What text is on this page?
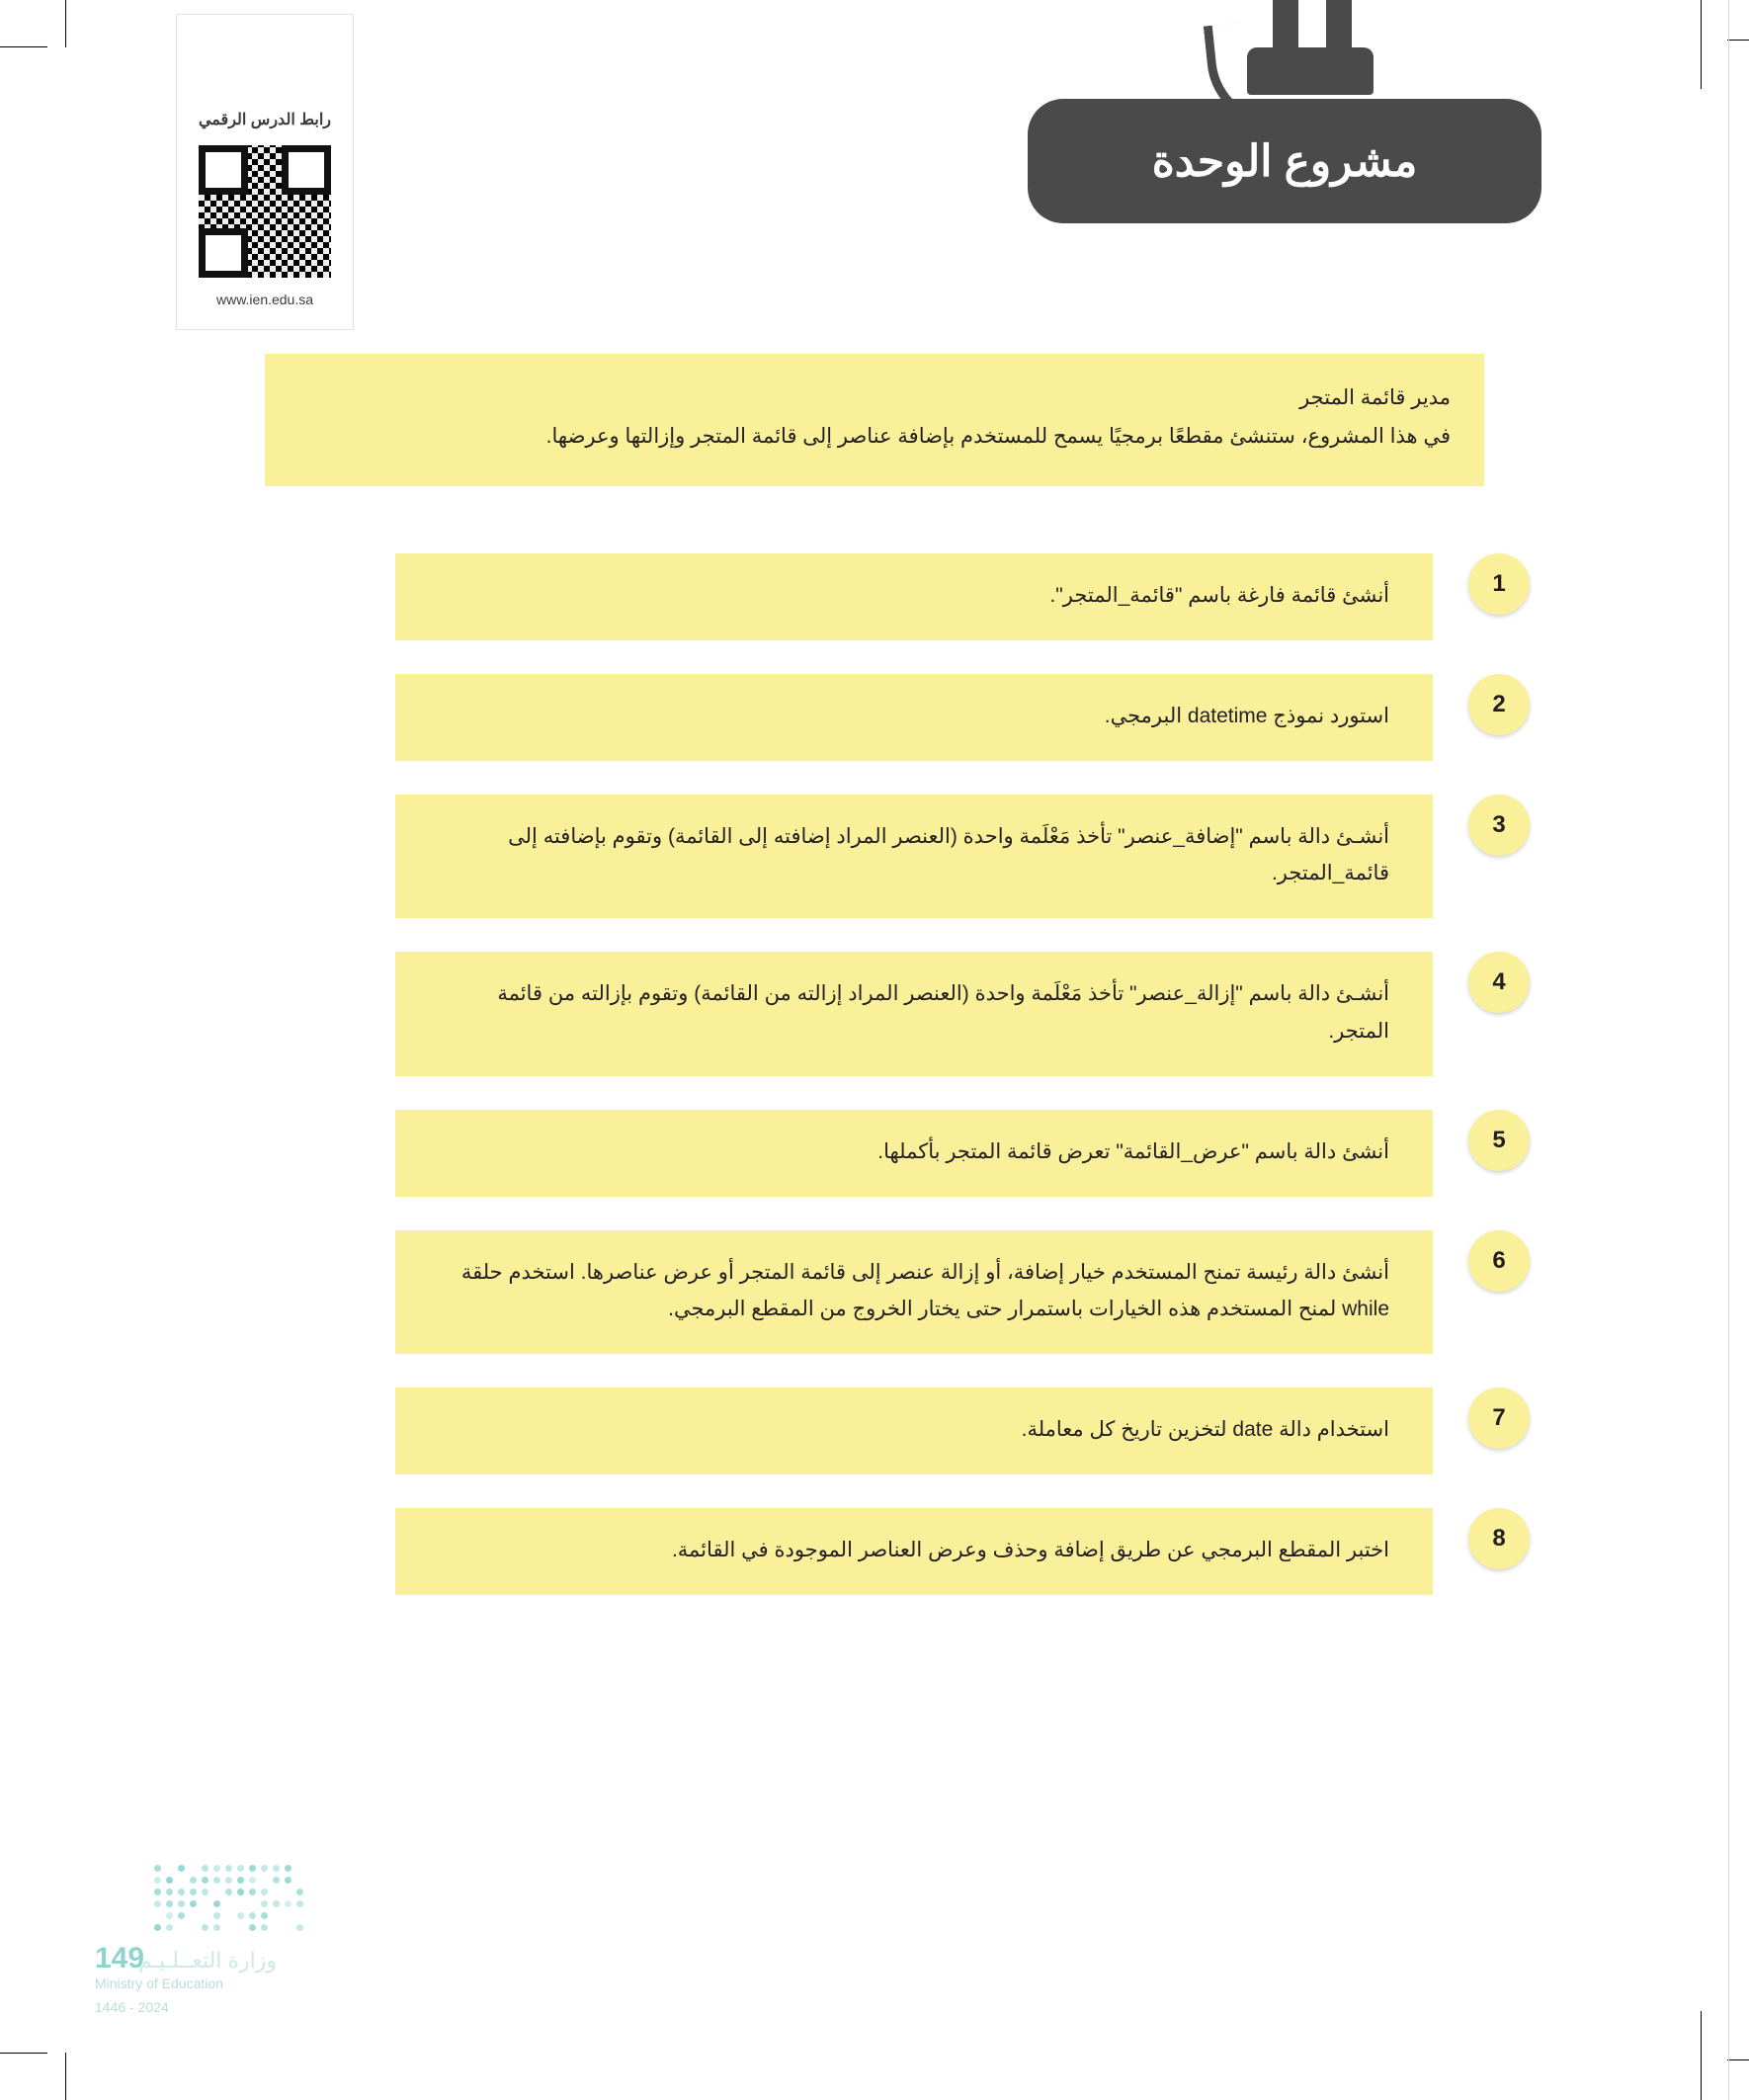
رابط الدرس الرقمي
www.ien.edu.sa
مشروع الوحدة
مدير قائمة المتجر
في هذا المشروع، ستنشئ مقطعًا برمجيًا يسمح للمستخدم بإضافة عناصر إلى قائمة المتجر وإزالتها وعرضها.
1
أنشئ قائمة فارغة باسم "قائمة_المتجر".
2
استورد نموذج datetime البرمجي.
3
أنشـئ دالة باسم "إضافة_عنصر" تأخذ مَعْلَمة واحدة (العنصر المراد إضافته إلى القائمة) وتقوم بإضافته إلى قائمة_المتجر.
4
أنشـئ دالة باسم "إزالة_عنصر" تأخذ مَعْلَمة واحدة (العنصر المراد إزالته من القائمة) وتقوم بإزالته من قائمة المتجر.
5
أنشئ دالة باسم "عرض_القائمة" تعرض قائمة المتجر بأكملها.
6
أنشئ دالة رئيسة تمنح المستخدم خيار إضافة، أو إزالة عنصر إلى قائمة المتجر أو عرض عناصرها. استخدم حلقة while لمنح المستخدم هذه الخيارات باستمرار حتى يختار الخروج من المقطع البرمجي.
7
استخدام دالة date لتخزين تاريخ كل معاملة.
8
اختبر المقطع البرمجي عن طريق إضافة وحذف وعرض العناصر الموجودة في القائمة.
149
وزارة التعــلـيـم
Ministry of Education
2024 - 1446
